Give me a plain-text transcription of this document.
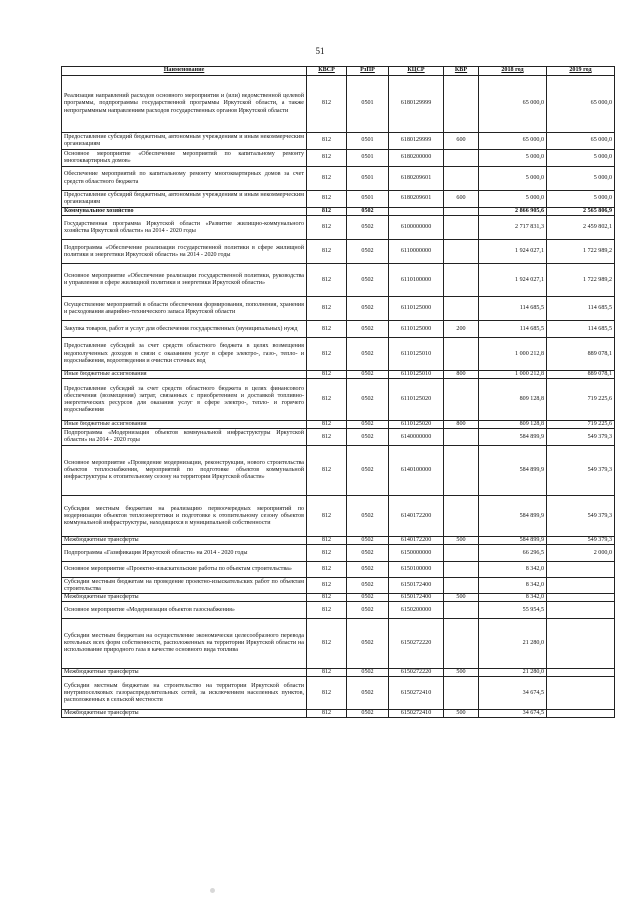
51
Наименование	КВСР	РзПР	КЦСР	КВР	2018 год	2019 год
Реализация направлений расходов основного мероприятия и (или) ведомственной целевой программы, подпрограммы государственной программы Иркутской области, а также непрограммным направлениям расходов государственных органов Иркутской области	812	0501	6180129999		65 000,0	65 000,0
Предоставление субсидий бюджетным, автономным учреждениям и иным некоммерческим организациям	812	0501	6180129999	600	65 000,0	65 000,0
Основное мероприятие «Обеспечение мероприятий по капитальному ремонту многоквартирных домов»	812	0501	6180200000		5 000,0	5 000,0
Обеспечение мероприятий по капитальному ремонту многоквартирных домов за счет средств областного бюджета	812	0501	6180209601		5 000,0	5 000,0
Предоставление субсидий бюджетным, автономным учреждениям и иным некоммерческим организациям	812	0501	6180209601	600	5 000,0	5 000,0
Коммунальное хозяйство	812	0502			2 866 905,6	2 565 806,9
Государственная программа Иркутской области «Развитие жилищно-коммунального хозяйства Иркутской области» на 2014 - 2020 годы	812	0502	6100000000		2 717 831,3	2 459 802,1
Подпрограмма «Обеспечение реализации государственной политики в сфере жилищной политики и энергетики Иркутской области» на 2014 - 2020 годы	812	0502	6110000000		1 924 027,1	1 722 989,2
Основное мероприятие «Обеспечение реализации государственной политики, руководства и управления в сфере жилищной политики и энергетики Иркутской области»	812	0502	6110100000		1 924 027,1	1 722 989,2
Осуществление мероприятий в области обеспечения формирования, пополнения, хранения и расходования аварийно-технического запаса Иркутской области	812	0502	6110125000		114 685,5	114 685,5
Закупка товаров, работ и услуг для обеспечения государственных (муниципальных) нужд	812	0502	6110125000	200	114 685,5	114 685,5
Предоставление субсидий за счет средств областного бюджета в целях возмещения недополученных доходов в связи с оказанием услуг в сфере электро-, газо-, тепло- и водоснабжения, водоотведения и очистки сточных вод	812	0502	6110125010		1 000 212,8	889 078,1
Иные бюджетные ассигнования	812	0502	6110125010	800	1 000 212,8	889 078,1
Предоставление субсидий за счет средств областного бюджета в целях финансового обеспечения (возмещения) затрат, связанных с приобретением и доставкой топливно-энергетических ресурсов для оказания услуг в сфере электро-, тепло- и горячего водоснабжения	812	0502	6110125020		809 128,8	719 225,6
Иные бюджетные ассигнования	812	0502	6110125020	800	809 128,8	719 225,6
Подпрограмма «Модернизация объектов коммунальной инфраструктуры Иркутской области» на 2014 - 2020 годы	812	0502	6140000000		584 899,9	549 379,3
Основное мероприятие «Проведение модернизации, реконструкции, нового строительства объектов теплоснабжения, мероприятий по подготовке объектов коммунальной инфраструктуры к отопительному сезону на территории Иркутской области»	812	0502	6140100000		584 899,9	549 379,3
Субсидии местным бюджетам на реализацию первоочередных мероприятий по модернизации объектов теплоэнергетики и подготовке к отопительному сезону объектов коммунальной инфраструктуры, находящихся в муниципальной собственности	812	0502	6140172200		584 899,9	549 379,3
Межбюджетные трансферты	812	0502	6140172200	500	584 899,9	549 379,3
Подпрограмма «Газификация Иркутской области» на 2014 - 2020 годы	812	0502	6150000000		66 296,5	2 000,0
Основное мероприятие «Проектно-изыскательские работы по объектам строительства»	812	0502	6150100000		8 342,0	
Субсидии местным бюджетам на проведение проектно-изыскательских работ по объектам строительства	812	0502	6150172400		8 342,0	
Межбюджетные трансферты	812	0502	6150172400	500	8 342,0	
Основное мероприятие «Модернизация объектов газоснабжения»	812	0502	6150200000		55 954,5	
Субсидии местным бюджетам на осуществление экономически целесообразного перевода котельных всех форм собственности, расположенных на территории Иркутской области на использование природного газа в качестве основного вида топлива	812	0502	6150272220		21 280,0	
Межбюджетные трансферты	812	0502	6150272220	500	21 280,0	
Субсидии местным бюджетам на строительство на территории Иркутской области внутрипоселковых газораспределительных сетей, за исключением населенных пунктов, расположенных в сельской местности	812	0502	6150272410		34 674,5	
Межбюджетные трансферты	812	0502	6150272410	500	34 674,5	
